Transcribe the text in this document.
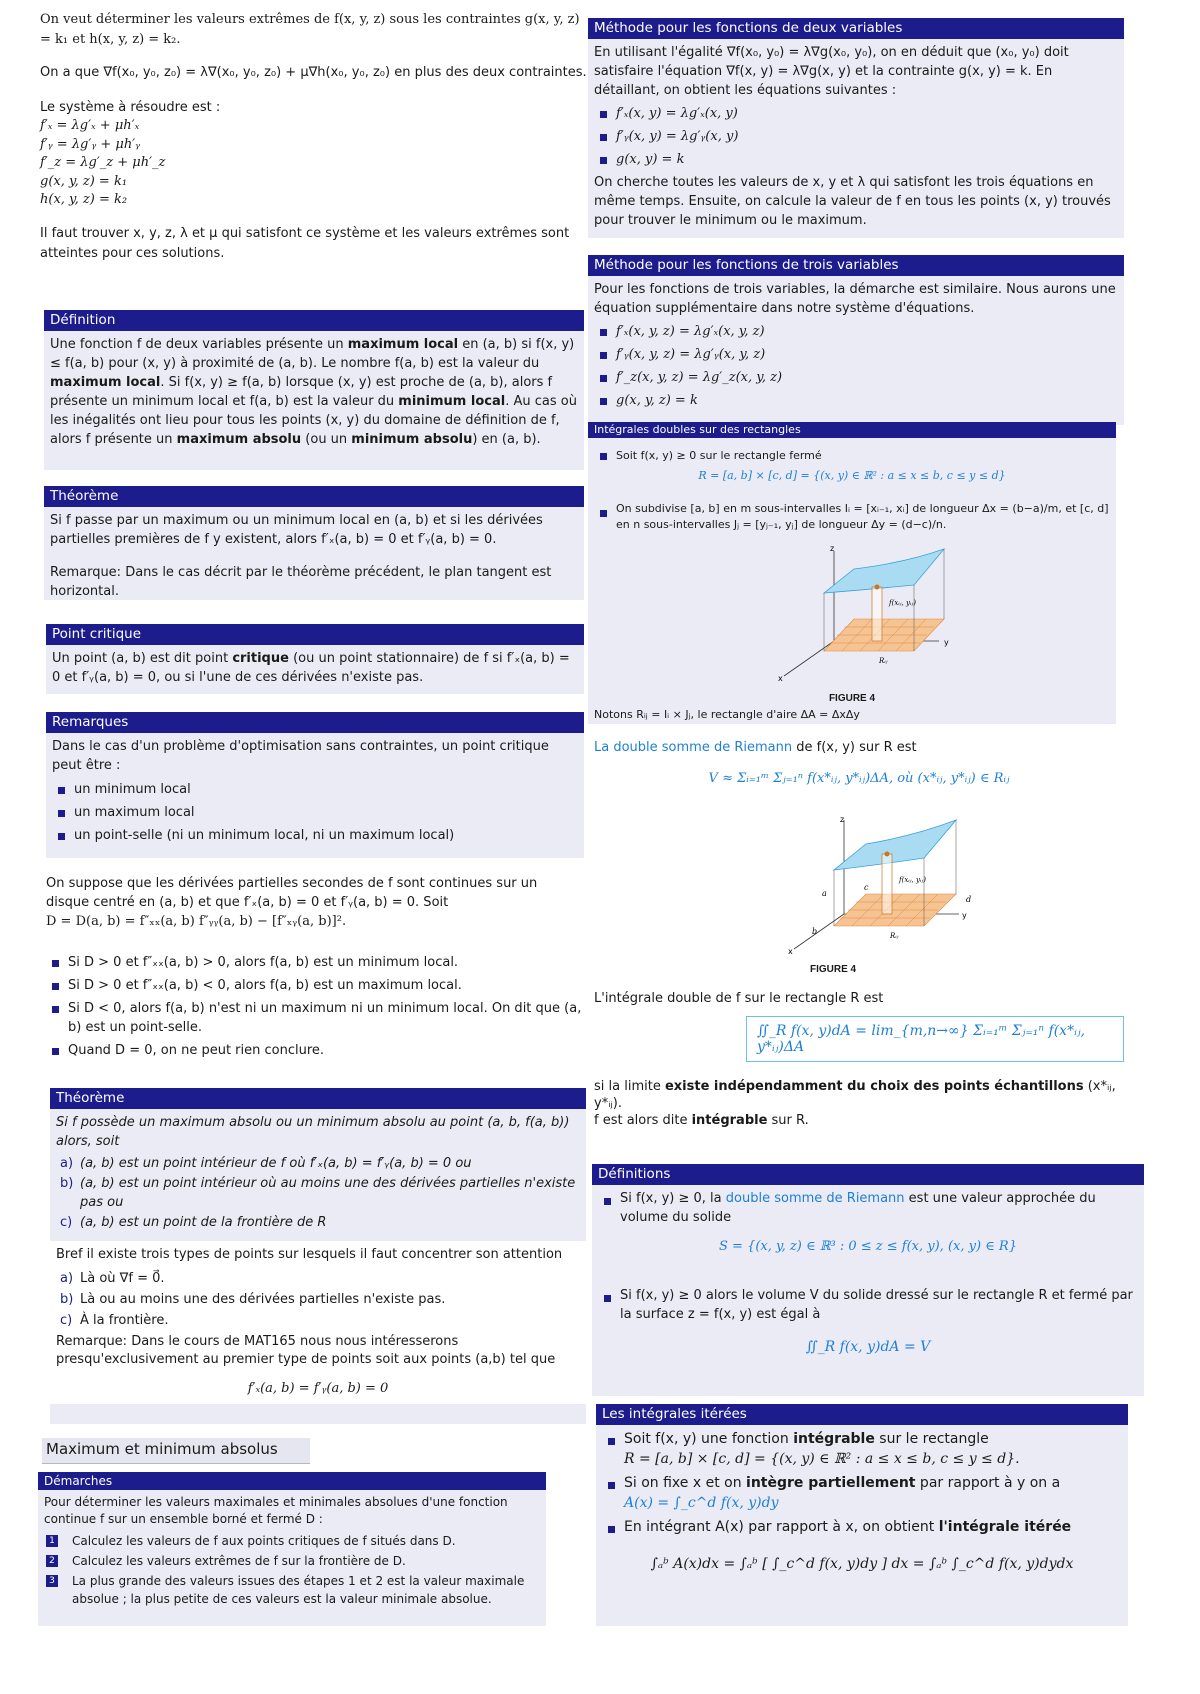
On veut déterminer les valeurs extrêmes de f(x, y, z) sous les contraintes g(x, y, z) = k₁ et h(x, y, z) = k₂.

On a que ∇f(x₀, y₀, z₀) = λ∇(x₀, y₀, z₀) + μ∇h(x₀, y₀, z₀) en plus des deux contraintes.

Le système à résoudre est :

f′ₓ = λg′ₓ + μh′ₓ
f′ᵧ = λg′ᵧ + μh′ᵧ
f′_z = λg′_z + μh′_z
g(x, y, z) = k₁
h(x, y, z) = k₂

Il faut trouver x, y, z, λ et μ qui satisfont ce système et les valeurs extrêmes sont atteintes pour ces solutions.

Définition
Une fonction f de deux variables présente un maximum local en (a, b) si f(x, y) ≤ f(a, b) pour (x, y) à proximité de (a, b). Le nombre f(a, b) est la valeur du maximum local. Si f(x, y) ≥ f(a, b) lorsque (x, y) est proche de (a, b), alors f présente un minimum local et f(a, b) est la valeur du minimum local. Au cas où les inégalités ont lieu pour tous les points (x, y) du domaine de définition de f, alors f présente un maximum absolu (ou un minimum absolu) en (a, b).
Théorème

Si f passe par un maximum ou un minimum local en (a, b) et si les dérivées partielles premières de f y existent, alors f′ₓ(a, b) = 0 et f′ᵧ(a, b) = 0.

Remarque: Dans le cas décrit par le théorème précédent, le plan tangent est horizontal.

Point critique
Un point (a, b) est dit point critique (ou un point stationnaire) de f si f′ₓ(a, b) = 0 et f′ᵧ(a, b) = 0, ou si l'une de ces dérivées n'existe pas.
Remarques

Dans le cas d'un problème d'optimisation sans contraintes, un point critique peut être :

un minimum local
un maximum local
un point-selle (ni un minimum local, ni un maximum local)

On suppose que les dérivées partielles secondes de f sont continues sur un disque centré en (a, b) et que f′ₓ(a, b) = 0 et f′ᵧ(a, b) = 0. Soit

D = D(a, b) = f″ₓₓ(a, b) f″ᵧᵧ(a, b) − [f″ₓᵧ(a, b)]².

Si D > 0 et f″ₓₓ(a, b) > 0, alors f(a, b) est un minimum local.
Si D > 0 et f″ₓₓ(a, b) < 0, alors f(a, b) est un maximum local.
Si D < 0, alors f(a, b) n'est ni un maximum ni un minimum local. On dit que (a, b) est un point-selle.
Quand D = 0, on ne peut rien conclure.
Théorème

Si f possède un maximum absolu ou un minimum absolu au point (a, b, f(a, b)) alors, soit

a) (a, b) est un point intérieur de f où f′ₓ(a, b) = f′ᵧ(a, b) = 0 ou
b) (a, b) est un point intérieur où au moins une des dérivées partielles n'existe pas ou
c) (a, b) est un point de la frontière de R

Bref il existe trois types de points sur lesquels il faut concentrer son attention

a) Là où ∇f = 0⃗.
b) Là ou au moins une des dérivées partielles n'existe pas.
c) À la frontière.

Remarque: Dans le cours de MAT165 nous nous intéresserons presqu'exclusivement au premier type de points soit aux points (a,b) tel que

f′ₓ(a, b) = f′ᵧ(a, b) = 0

Maximum et minimum absolus
Démarches

Pour déterminer les valeurs maximales et minimales absolues d'une fonction continue f sur un ensemble borné et fermé D :

1 Calculez les valeurs de f aux points critiques de f situés dans D.
2 Calculez les valeurs extrêmes de f sur la frontière de D.
3 La plus grande des valeurs issues des étapes 1 et 2 est la valeur maximale absolue ; la plus petite de ces valeurs est la valeur minimale absolue.
Méthode pour les fonctions de deux variables

En utilisant l'égalité ∇f(x₀, y₀) = λ∇g(x₀, y₀), on en déduit que (x₀, y₀) doit satisfaire l'équation ∇f(x, y) = λ∇g(x, y) et la contrainte g(x, y) = k. En détaillant, on obtient les équations suivantes :

f′ₓ(x, y) = λg′ₓ(x, y)
f′ᵧ(x, y) = λg′ᵧ(x, y)
g(x, y) = k

On cherche toutes les valeurs de x, y et λ qui satisfont les trois équations en même temps. Ensuite, on calcule la valeur de f en tous les points (x, y) trouvés pour trouver le minimum ou le maximum.

Méthode pour les fonctions de trois variables

Pour les fonctions de trois variables, la démarche est similaire. Nous aurons une équation supplémentaire dans notre système d'équations.

f′ₓ(x, y, z) = λg′ₓ(x, y, z)
f′ᵧ(x, y, z) = λg′ᵧ(x, y, z)
f′_z(x, y, z) = λg′_z(x, y, z)
g(x, y, z) = k
Intégrales doubles sur des rectangles
Soit f(x, y) ≥ 0 sur le rectangle fermé

R = [a, b] × [c, d] = {(x, y) ∈ ℝ² : a ≤ x ≤ b, c ≤ y ≤ d}

On subdivise [a, b] en m sous-intervalles Iᵢ = [xᵢ₋₁, xᵢ] de longueur Δx = (b−a)/m, et [c, d] en n sous-intervalles Jⱼ = [yⱼ₋₁, yⱼ] de longueur Δy = (d−c)/n.
z
x
y
f(xᵢⱼ, yᵢⱼ)
Rᵢⱼ
FIGURE 4

Notons Rᵢⱼ = Iᵢ × Jⱼ, le rectangle d'aire ΔA = ΔxΔy

La double somme de Riemann de f(x, y) sur R est

V ≈ Σᵢ₌₁ᵐ Σⱼ₌₁ⁿ f(x*ᵢⱼ, y*ᵢⱼ)ΔA, où (x*ᵢⱼ, y*ᵢⱼ) ∈ Rᵢⱼ

z
x
y
a
b
c
d
f(xᵢⱼ, yᵢⱼ)
Rᵢⱼ
FIGURE 4

L'intégrale double de f sur le rectangle R est

∬_R f(x, y)dA = lim_{m,n→∞} Σᵢ₌₁ᵐ Σⱼ₌₁ⁿ f(x*ᵢⱼ, y*ᵢⱼ)ΔA

si la limite existe indépendamment du choix des points échantillons (x*ᵢⱼ, y*ᵢⱼ).
f est alors dite intégrable sur R.

Définitions
Si f(x, y) ≥ 0, la double somme de Riemann est une valeur approchée du volume du solide

S = {(x, y, z) ∈ ℝ³ : 0 ≤ z ≤ f(x, y), (x, y) ∈ R}

Si f(x, y) ≥ 0 alors le volume V du solide dressé sur le rectangle R et fermé par la surface z = f(x, y) est égal à

∬_R f(x, y)dA = V

Les intégrales itérées
Soit f(x, y) une fonction intégrable sur le rectangle
R = [a, b] × [c, d] = {(x, y) ∈ ℝ² : a ≤ x ≤ b, c ≤ y ≤ d}.
Si on fixe x et on intègre partiellement par rapport à y on a
A(x) = ∫_c^d f(x, y)dy
En intégrant A(x) par rapport à x, on obtient l'intégrale itérée

∫ₐᵇ A(x)dx = ∫ₐᵇ [ ∫_c^d f(x, y)dy ] dx = ∫ₐᵇ ∫_c^d f(x, y)dydx
